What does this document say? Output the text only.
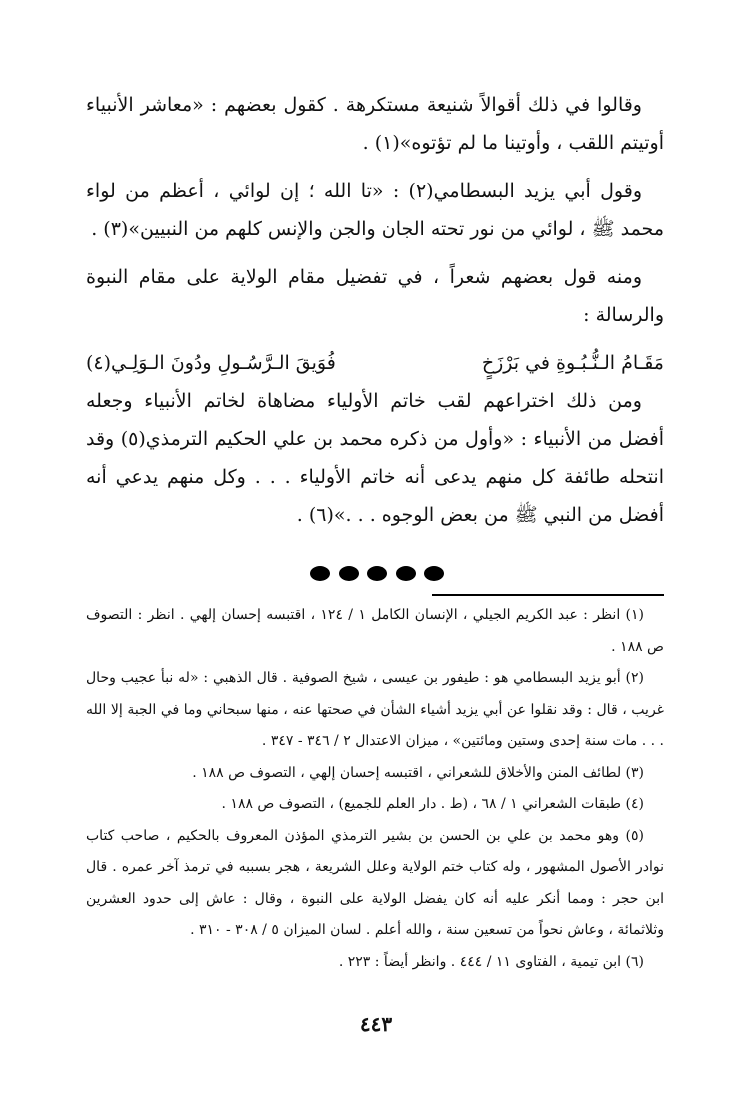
وقالوا في ذلك أقوالاً شنيعة مستكرهة . كقول بعضهم : «معاشر الأنبياء أوتيتم اللقب ، وأوتينا ما لم تؤتوه»(١) .

وقول أبي يزيد البسطامي(٢) : «تا الله ؛ إن لوائي ، أعظم من لواء محمد ﷺ ، لوائي من نور تحته الجان والجن والإنس كلهم من النبيين»(٣) .

ومنه قول بعضهم شعراً ، في تفضيل مقام الولاية على مقام النبوة والرسالة :

مَقَـامُ الـنُّـبُـوةِ في بَرْزَخٍ
فُوَيقَ الـرَّسُـولِ ودُونَ الـوَلِـي(٤)

ومن ذلك اختراعهم لقب خاتم الأولياء مضاهاة لخاتم الأنبياء وجعله أفضل من الأنبياء : «وأول من ذكره محمد بن علي الحكيم الترمذي(٥) وقد انتحله طائفة كل منهم يدعى أنه خاتم الأولياء . . . وكل منهم يدعي أنه أفضل من النبي ﷺ من بعض الوجوه . . .»(٦) .

(١) انظر : عبد الكريم الجيلي ، الإنسان الكامل ١ / ١٢٤ ، اقتبسه إحسان إلهي . انظر : التصوف ص ١٨٨ .

(٢) أبو يزيد البسطامي هو : طيفور بن عيسى ، شيخ الصوفية . قال الذهبي : «له نبأ عجيب وحال غريب ، قال : وقد نقلوا عن أبي يزيد أشياء الشأن في صحتها عنه ، منها سبحاني وما في الجبة إلا الله . . . مات سنة إحدى وستين ومائتين» ، ميزان الاعتدال ٢ / ٣٤٦ - ٣٤٧ .

(٣) لطائف المنن والأخلاق للشعراني ، اقتبسه إحسان إلهي ، التصوف ص ١٨٨ .

(٤) طبقات الشعراني ١ / ٦٨ ، (ط . دار العلم للجميع) ، التصوف ص ١٨٨ .

(٥) وهو محمد بن علي بن الحسن بن بشير الترمذي المؤذن المعروف بالحكيم ، صاحب كتاب نوادر الأصول المشهور ، وله كتاب ختم الولاية وعلل الشريعة ، هجر بسببه في ترمذ آخر عمره . قال ابن حجر : ومما أنكر عليه أنه كان يفضل الولاية على النبوة ، وقال : عاش إلى حدود العشرين وثلاثمائة ، وعاش نحواً من تسعين سنة ، والله أعلم . لسان الميزان ٥ / ٣٠٨ - ٣١٠ .

(٦) ابن تيمية ، الفتاوى ١١ / ٤٤٤ . وانظر أيضاً : ٢٢٣ .

٤٤٣
